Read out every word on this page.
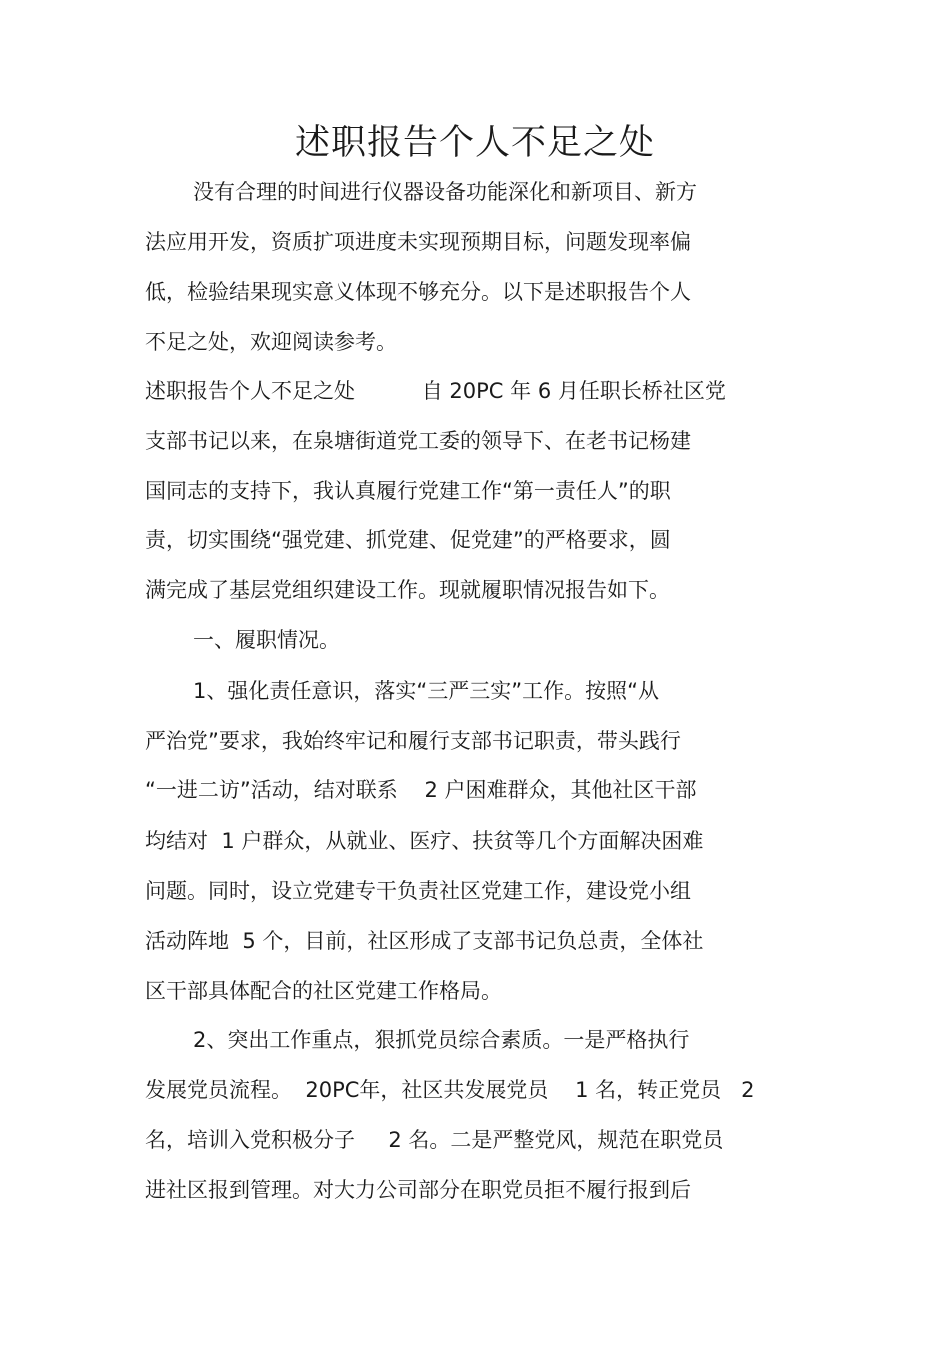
述职报告个人不足之处
没有合理的时间进行仪器设备功能深化和新项目、新方
法应用开发，资质扩项进度未实现预期目标，问题发现率偏
低，检验结果现实意义体现不够充分。以下是述职报告个人
不足之处，欢迎阅读参考。
述职报告个人不足之处          自 20PC 年 6 月任职长桥社区党
支部书记以来，在泉塘街道党工委的领导下、在老书记杨建
国同志的支持下，我认真履行党建工作“第一责任人”的职
责，切实围绕“强党建、抓党建、促党建”的严格要求，圆
满完成了基层党组织建设工作。现就履职情况报告如下。
一、履职情况。
1、强化责任意识，落实“三严三实”工作。按照“从
严治党”要求，我始终牢记和履行支部书记职责，带头践行
“一进二访”活动，结对联系    2 户困难群众，其他社区干部
均结对  1 户群众，从就业、医疗、扶贫等几个方面解决困难
问题。同时，设立党建专干负责社区党建工作，建设党小组
活动阵地  5 个，目前，社区形成了支部书记负总责，全体社
区干部具体配合的社区党建工作格局。
2、突出工作重点，狠抓党员综合素质。一是严格执行
发展党员流程。  20PC年，社区共发展党员    1 名，转正党员   2
名，培训入党积极分子     2 名。二是严整党风，规范在职党员
进社区报到管理。对大力公司部分在职党员拒不履行报到后
